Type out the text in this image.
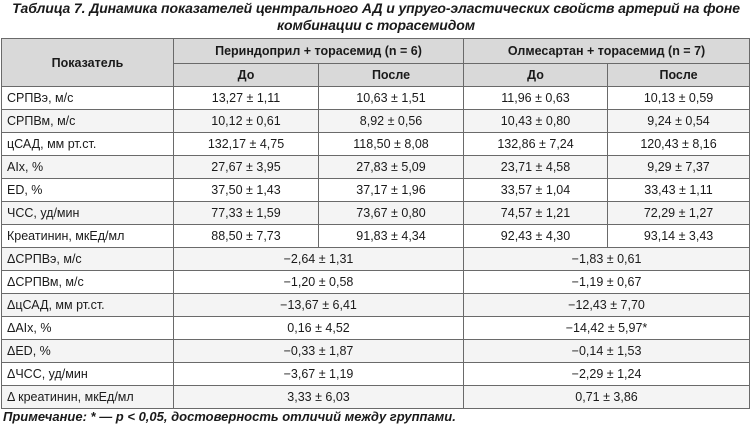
Таблица 7. Динамика показателей центрального АД и упруго-эластических свойств артерий на фоне
комбинации с торасемидом
Показатель	Периндоприл + торасемид (n = 6)		Олмесартан + торасемид (n = 7)	
	До	После	До	После
СРПВэ, м/с	13,27 ± 1,11	10,63 ± 1,51	11,96 ± 0,63	10,13 ± 0,59
СРПВм, м/с	10,12 ± 0,61	8,92 ± 0,56	10,43 ± 0,80	9,24 ± 0,54
цСАД, мм рт.ст.	132,17 ± 4,75	118,50 ± 8,08	132,86 ± 7,24	120,43 ± 8,16
AIx, %	27,67 ± 3,95	27,83 ± 5,09	23,71 ± 4,58	9,29 ± 7,37
ED, %	37,50 ± 1,43	37,17 ± 1,96	33,57 ± 1,04	33,43 ± 1,11
ЧСС, уд/мин	77,33 ± 1,59	73,67 ± 0,80	74,57 ± 1,21	72,29 ± 1,27
Креатинин, мкЕд/мл	88,50 ± 7,73	91,83 ± 4,34	92,43 ± 4,30	93,14 ± 3,43
ΔСРПВэ, м/с	−2,64 ± 1,31		−1,83 ± 0,61	
ΔСРПВм, м/с	−1,20 ± 0,58		−1,19 ± 0,67	
ΔцСАД, мм рт.ст.	−13,67 ± 6,41		−12,43 ± 7,70	
ΔAIx, %	0,16 ± 4,52		−14,42 ± 5,97*	
ΔED, %	−0,33 ± 1,87		−0,14 ± 1,53	
ΔЧСС, уд/мин	−3,67 ± 1,19		−2,29 ± 1,24	
Δ креатинин, мкЕд/мл	3,33 ± 6,03		0,71 ± 3,86	
Примечание: * — p < 0,05, достоверность отличий между группами.
